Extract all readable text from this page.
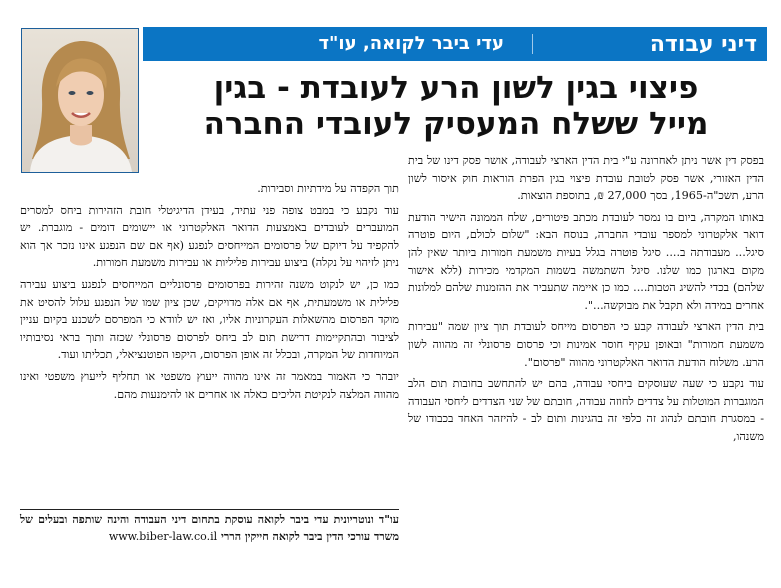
דיני עבודה
עדי ביבר לקואה, עו"ד
פיצוי בגין לשון הרע לעובדת - בגין
מייל ששלח המעסיק לעובדי החברה

בפסק דין אשר ניתן לאחרונה ע"י בית הדין הארצי לעבודה, אושר פסק דינו של בית הדין האזורי, אשר פסק לטובת עובדת פיצוי בגין הפרת הוראות חוק איסור לשון הרע, תשכ"ה-1965, בסך 27,000 ₪, בתוספת הוצאות.

באותו המקרה, ביום בו נמסר לעובדת מכתב פיטורים, שלח הממונה הישיר הודעת דואר אלקטרוני למספר עובדי החברה, בנוסח הבא: "שלום לכולם, היום פוטרה סיגל... מעבודתה ב.... סיגל פוטרה בגלל בעיות משמעת חמורות ביותר שאין להן מקום בארגון כמו שלנו. סיגל השתמשה בשמות המקדמי מכירות (ללא אישור שלהם) בכדי להשיג הטבות.... כמו כן איימה שתעביר את ההזמנות שלהם למלונות אחרים במידה ולא תקבל את מבוקשה...".

בית הדין הארצי לעבודה קבע כי הפרסום מייחס לעובדת תוך ציון שמה "עבירות משמעת חמורות" ובאופן עקיף חוסר אמינות וכי פרסום פרסונלי זה מהווה לשון הרע. משלוח הודעת הדואר האלקטרוני מהווה "פרסום".

עוד נקבע כי שעה שעוסקים ביחסי עבודה, בהם יש להתחשב בחובות תום הלב המוגברות המוטלות על צדדים לחוזה עבודה, חובתם של שני הצדדים ליחסי העבודה - במסגרת חובתם לנהוג זה כלפי זה בהגינות ותום לב - להיזהר האחד בכבודו של משנהו,

תוך הקפדה על מידתיות וסבירות.

עוד נקבע כי במבט צופה פני עתיד, בעידן הדיגיטלי חובת הזהירות ביחס למסרים המועברים לעובדים באמצעות הדואר האלקטרוני או יישומים דומים - מוגברת. יש להקפיד על דיוקם של פרסומים המייחסים לנפגע (אף אם שם הנפגע אינו נזכר אך הוא ניתן לזיהוי על נקלה) ביצוע עבירות פליליות או עבירות משמעת חמורות.

כמו כן, יש לנקוט משנה זהירות בפרסומים פרסונליים המייחסים לנפגע ביצוע עבירה פלילית או משמעתית, אף אם אלה מדויקים, שכן ציון שמו של הנפגע עלול להסיט את מוקד הפרסום מהשאלות העקרוניות אליו, ואז יש לוודא כי המפרסם לשכנע בקיום עניין לציבור ובהתקיימות דרישת תום לב ביחס לפרסום פרסונלי שכזה ותוך בראי נסיבותיו המיוחדות של המקרה, ובכלל זה אופן הפרסום, היקפו הפוטנציאלי, תכליתו ועוד.

יובהר כי האמור במאמר זה אינו מהווה ייעוץ משפטי או תחליף לייעוץ משפטי ואינו מהווה המלצה לנקיטת הליכים כאלה או אחרים או להימנעות מהם.

עו"ד ונוטריונית עדי ביבר לקואה עוסקת בתחום דיני העבודה והינה שותפה ובעלים של משרד עורכי הדין ביבר לקואה חייקין הררי www.biber-law.co.il
